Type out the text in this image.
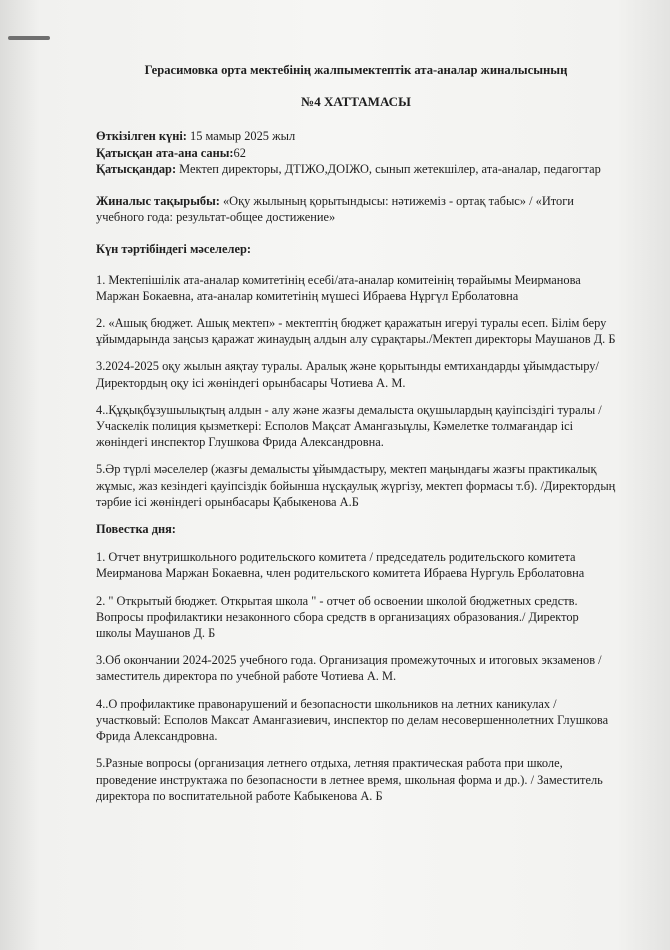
Герасимовка орта мектебінің жалпымектептік ата-аналар жиналысының

№4 ХАТТАМАСЫ

Өткізілген күні: 15 мамыр 2025 жыл

Қатысқан ата-ана саны:62

Қатысқандар: Мектеп директоры, ДТІЖО,ДОІЖО, сынып жетекшілер, ата-аналар, педагогтар

Жиналыс тақырыбы: «Оқу жылының қорытындысы: нәтижеміз - ортақ табыс» / «Итоги учебного года: результат-общее достижение»

Күн тәртібіндегі мәселелер:

1. Мектепішілік ата-аналар комитетінің есебі/ата-аналар комитеінің төрайымы Меирманова Маржан Бокаевна, ата-аналар комитетінің мүшесі Ибраева Нұргүл Ерболатовна

2. «Ашық бюджет. Ашық мектеп» - мектептің бюджет қаражатын игеруі туралы есеп. Білім беру ұйымдарында заңсыз қаражат жинаудың алдын алу сұрақтары./Мектеп директоры Маушанов Д. Б

3.2024-2025 оқу жылын аяқтау туралы. Аралық және қорытынды емтихандарды ұйымдастыру/Директордың оқу ісі жөніндегі орынбасары Чотиева А. М.

4..Құқықбұзушылықтың алдын - алу және жазғы демалыста оқушылардың қауіпсіздігі туралы / Учаскелік полиция қызметкері: Есполов Мақсат Амангазыұлы, Кәмелетке толмағандар ісі жөніндегі инспектор Глушкова Фрида Александровна.

5.Әр түрлі мәселелер (жазғы демалысты ұйымдастыру, мектеп маңындағы жазғы практикалық жұмыс, жаз кезіндегі қауіпсіздік бойынша нұсқаулық жүргізу, мектеп формасы т.б). /Директордың тәрбие ісі жөніндегі орынбасары Қабыкенова А.Б

Повестка дня:

1. Отчет внутришкольного родительского комитета / председатель родительского комитета Меирманова Маржан Бокаевна, член родительского комитета Ибраева Нургуль Ерболатовна

2. " Открытый бюджет. Открытая школа " - отчет об освоении школой бюджетных средств. Вопросы профилактики незаконного сбора средств в организациях образования./ Директор школы Маушанов Д. Б

3.Об окончании 2024-2025 учебного года. Организация промежуточных и итоговых экзаменов / заместитель директора по учебной работе Чотиева А. М.

4..О профилактике правонарушений и безопасности школьников на летних каникулах / участковый: Есполов Максат Амангазиевич, инспектор по делам несовершеннолетних Глушкова Фрида Александровна.

5.Разные вопросы (организация летнего отдыха, летняя практическая работа при школе, проведение инструктажа по безопасности в летнее время, школьная форма и др.). / Заместитель директора по воспитательной работе Кабыкенова А. Б
